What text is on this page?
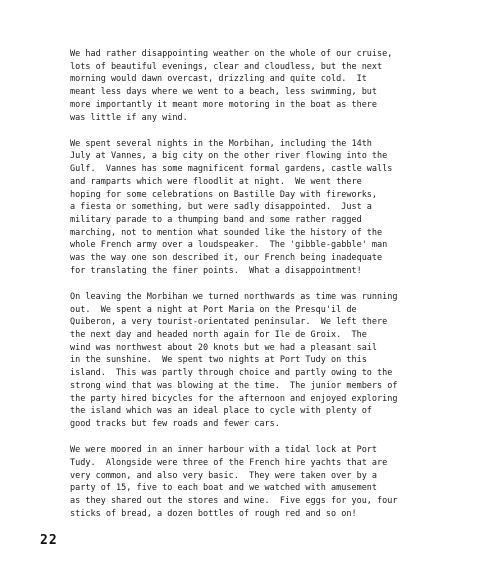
We had rather disappointing weather on the whole of our cruise,
lots of beautiful evenings, clear and cloudless, but the next
morning would dawn overcast, drizzling and quite cold.  It
meant less days where we went to a beach, less swimming, but
more importantly it meant more motoring in the boat as there
was little if any wind.

We spent several nights in the Morbihan, including the 14th
July at Vannes, a big city on the other river flowing into the
Gulf.  Vannes has some magnificent formal gardens, castle walls
and ramparts which were floodlit at night.  We went there
hoping for some celebrations on Bastille Day with fireworks,
a fiesta or something, but were sadly disappointed.  Just a
military parade to a thumping band and some rather ragged
marching, not to mention what sounded like the history of the
whole French army over a loudspeaker.  The 'gibble-gabble' man
was the way one son described it, our French being inadequate
for translating the finer points.  What a disappointment!

On leaving the Morbihan we turned northwards as time was running
out.  We spent a night at Port Maria on the Presqu'il de
Quiberon, a very tourist-orientated peninsular.  We left there
the next day and headed north again for Ile de Groix.  The
wind was northwest about 20 knots but we had a pleasant sail
in the sunshine.  We spent two nights at Port Tudy on this
island.  This was partly through choice and partly owing to the
strong wind that was blowing at the time.  The junior members of
the party hired bicycles for the afternoon and enjoyed exploring
the island which was an ideal place to cycle with plenty of
good tracks but few roads and fewer cars.

We were moored in an inner harbour with a tidal lock at Port
Tudy.  Alongside were three of the French hire yachts that are
very common, and also very basic.  They were taken over by a
party of 15, five to each boat and we watched with amusement
as they shared out the stores and wine.  Five eggs for you, four
sticks of bread, a dozen bottles of rough red and so on!

22
